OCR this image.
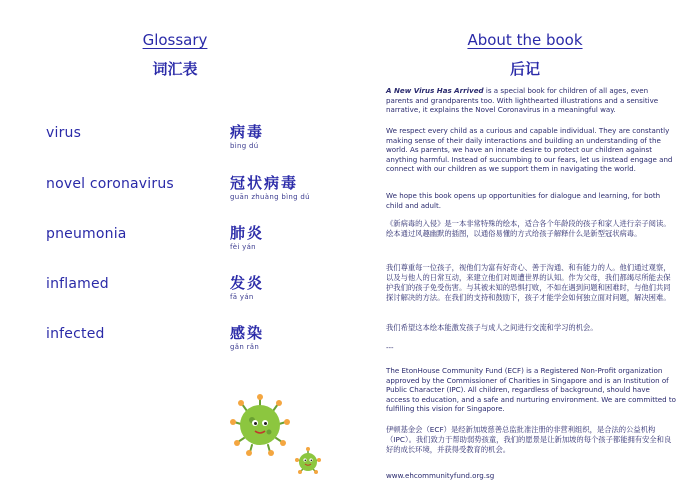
Glossary
词汇表
virus	病毒
bìng dú
novel coronavirus	冠状病毒
guān zhuàng bìng dú
pneumonia	肺炎
fèi yán
inflamed	发炎
fā yán
infected	感染
gǎn rǎn
About the book
后记
A New Virus Has Arrived is a special book for children of all ages, even parents and grandparents too. With lighthearted illustrations and a sensitive narrative, it explains the Novel Coronavirus in a meaningful way.
We respect every child as a curious and capable individual. They are constantly making sense of their daily interactions and building an understanding of the world. As parents, we have an innate desire to protect our children against anything harmful. Instead of succumbing to our fears, let us instead engage and connect with our children as we support them in navigating the world.
We hope this book opens up opportunities for dialogue and learning, for both child and adult.
《新病毒的入侵》是一本非常特殊的绘本，适合各个年龄段的孩子和家人进行亲子阅读。绘本通过风趣幽默的插图，以通俗易懂的方式给孩子解释什么是新型冠状病毒。
我们尊重每一位孩子，视他们为富有好奇心、善于沟通、和有能力的人。他们通过观察，以及与他人的日常互动，来建立他们对周遭世界的认知。作为父母，我们都竭尽所能去保护我们的孩子免受伤害。与其被未知的恐惧打败，不如在遇到问题和困难时，与他们共同探讨解决的方法。在我们的支持和鼓励下，孩子才能学会如何独立面对问题，解决困难。
我们希望这本绘本能激发孩子与成人之间进行交流和学习的机会。
---
The EtonHouse Community Fund (ECF) is a Registered Non-Profit organization approved by the Commissioner of Charities in Singapore and is an Institution of Public Character (IPC). All children, regardless of background, should have access to education, and a safe and nurturing environment. We are committed to fulfilling this vision for Singapore.
伊顿基金会（ECF）是经新加坡慈善总监批准注册的非营利组织，是合法的公益机构（IPC）。我们致力于帮助弱势孩童，我们的愿景是让新加坡的每个孩子都能拥有安全和良好的成长环境，并获得受教育的机会。
www.ehcommunityfund.org.sg
